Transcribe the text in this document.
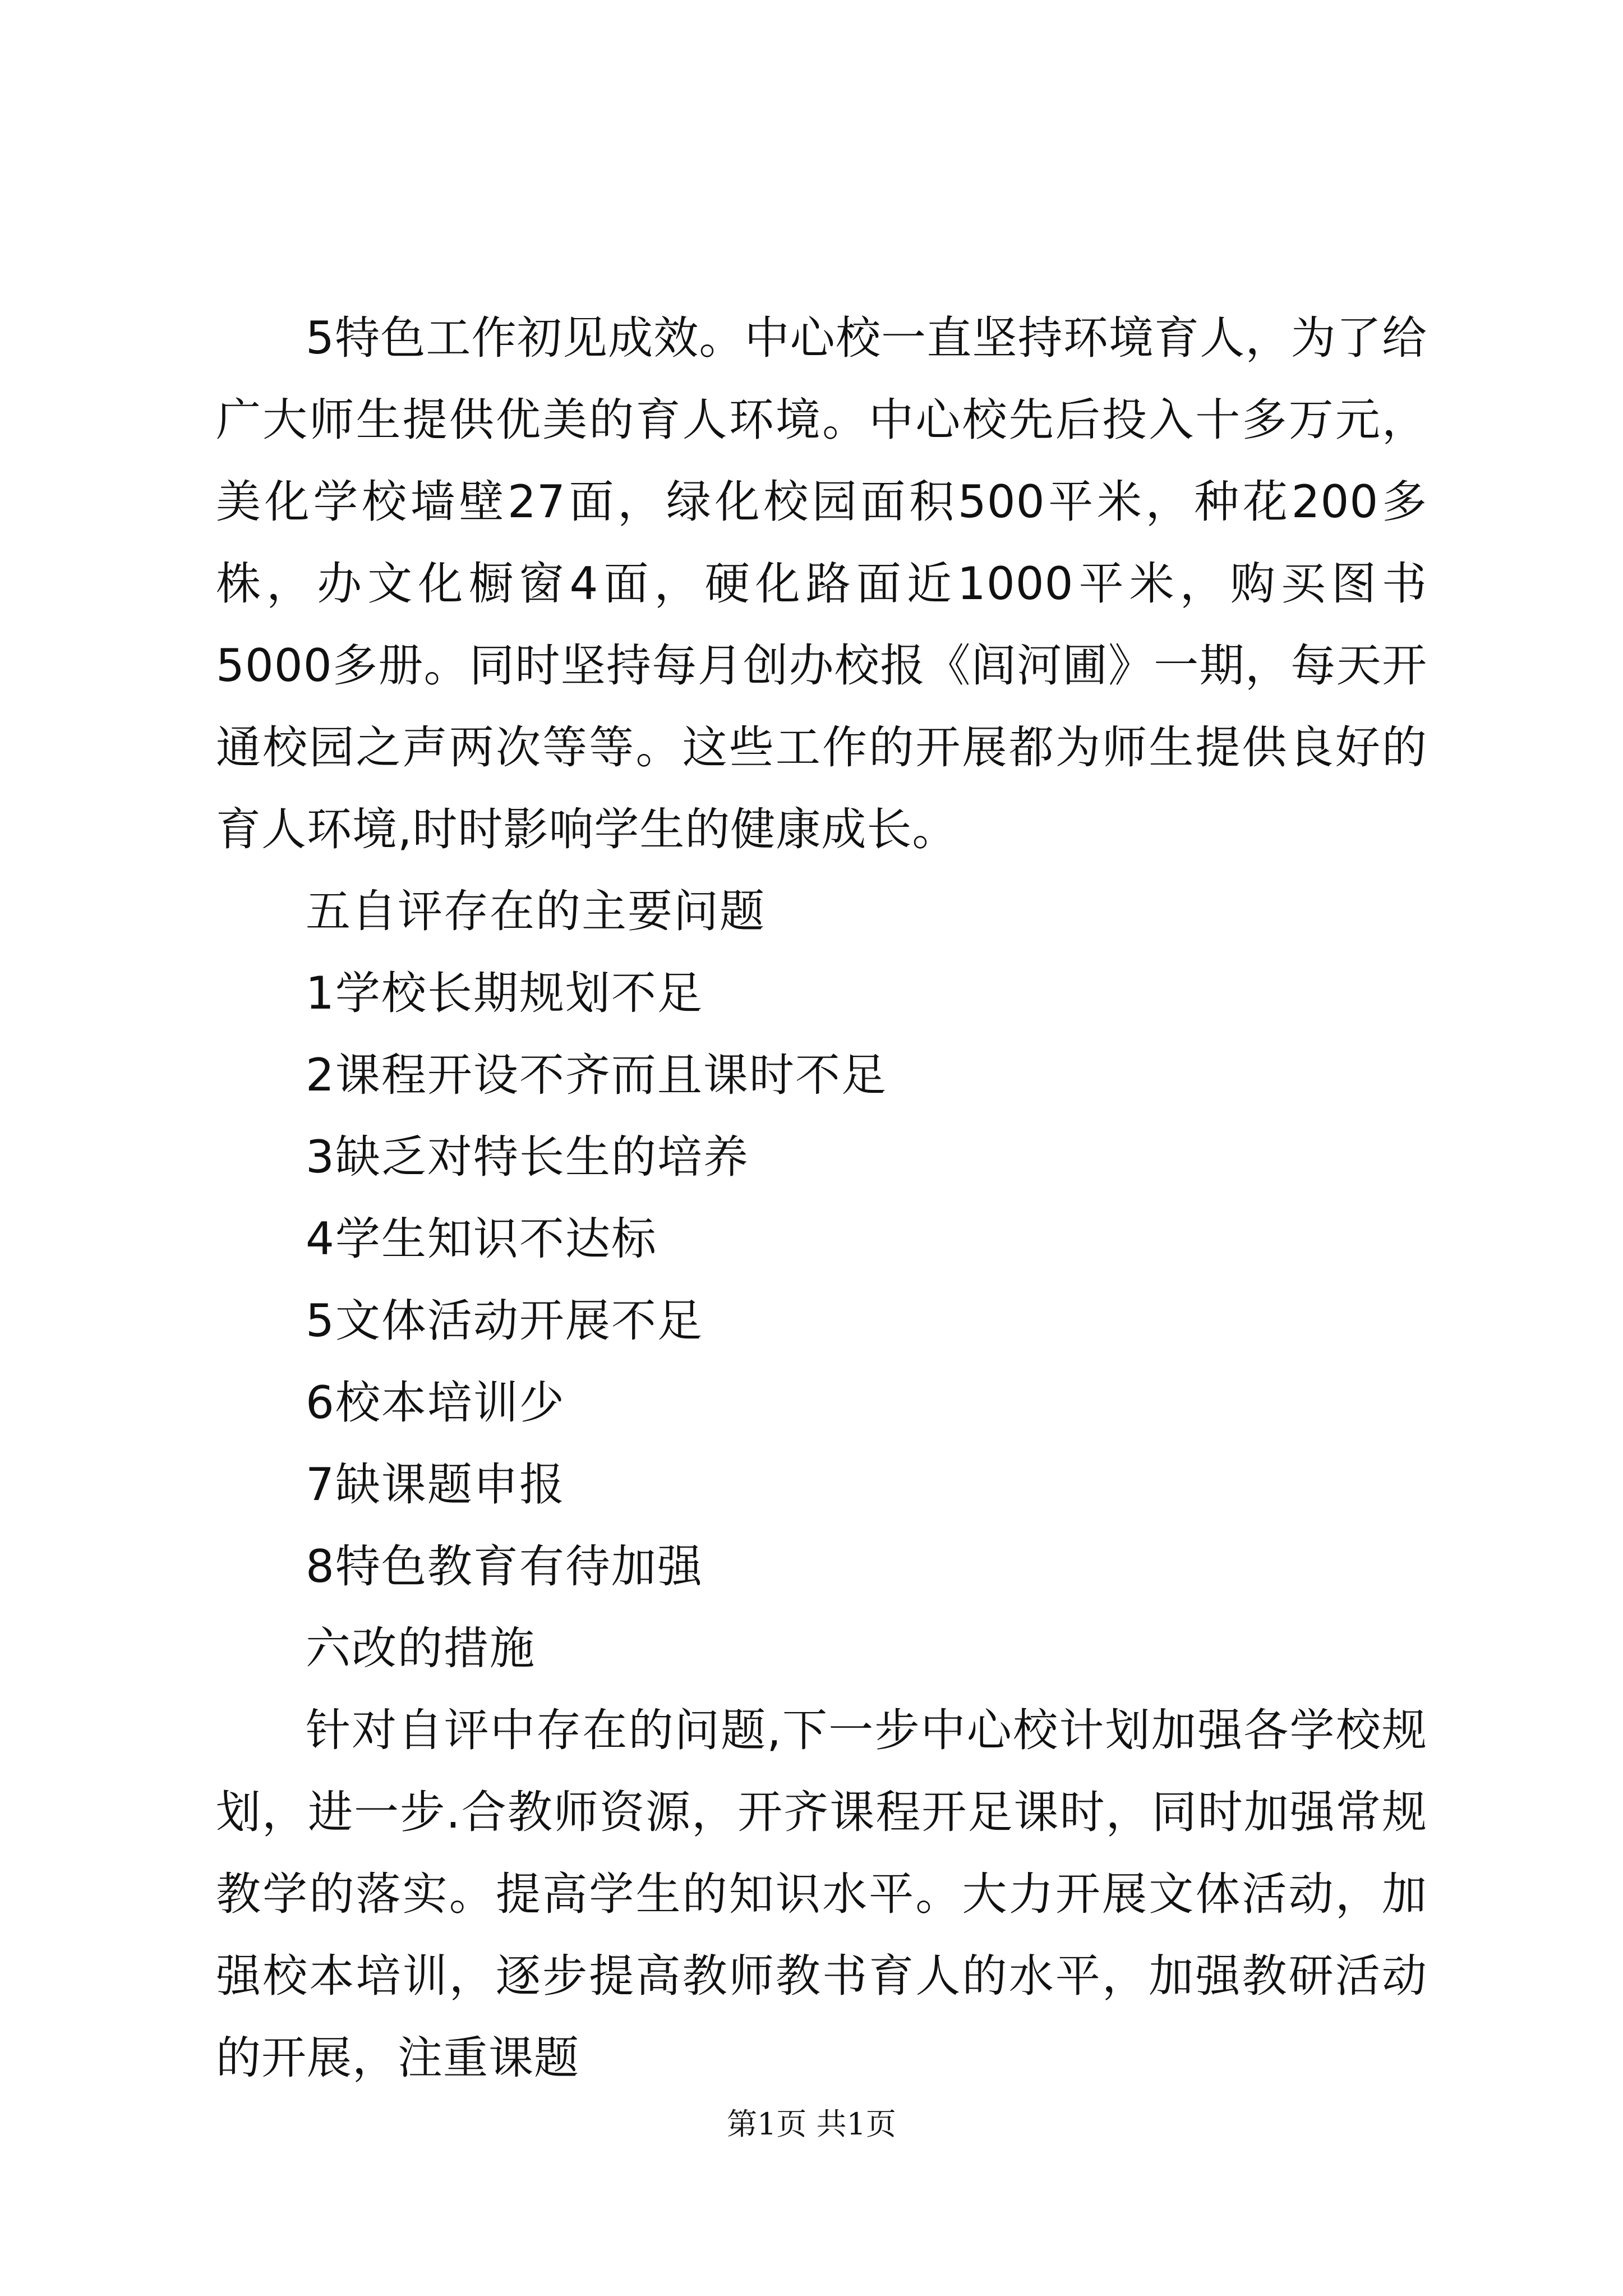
5特色工作初见成效。中心校一直坚持环境育人，为了给广大师生提供优美的育人环境。中心校先后投入十多万元，美化学校墙壁27面，绿化校园面积500平米，种花200多株，办文化橱窗4面，硬化路面近1000平米，购买图书5000多册。同时坚持每月创办校报《闾河圃》一期，每天开通校园之声两次等等。这些工作的开展都为师生提供良好的育人环境,时时影响学生的健康成长。

五自评存在的主要问题

1学校长期规划不足

2课程开设不齐而且课时不足

3缺乏对特长生的培养

4学生知识不达标

5文体活动开展不足

6校本培训少

7缺课题申报

8特色教育有待加强

六改的措施

针对自评中存在的问题,下一步中心校计划加强各学校规划，进一步.合教师资源，开齐课程开足课时，同时加强常规教学的落实。提高学生的知识水平。大力开展文体活动，加强校本培训，逐步提高教师教书育人的水平，加强教研活动的开展，注重课题

第1页 共1页
